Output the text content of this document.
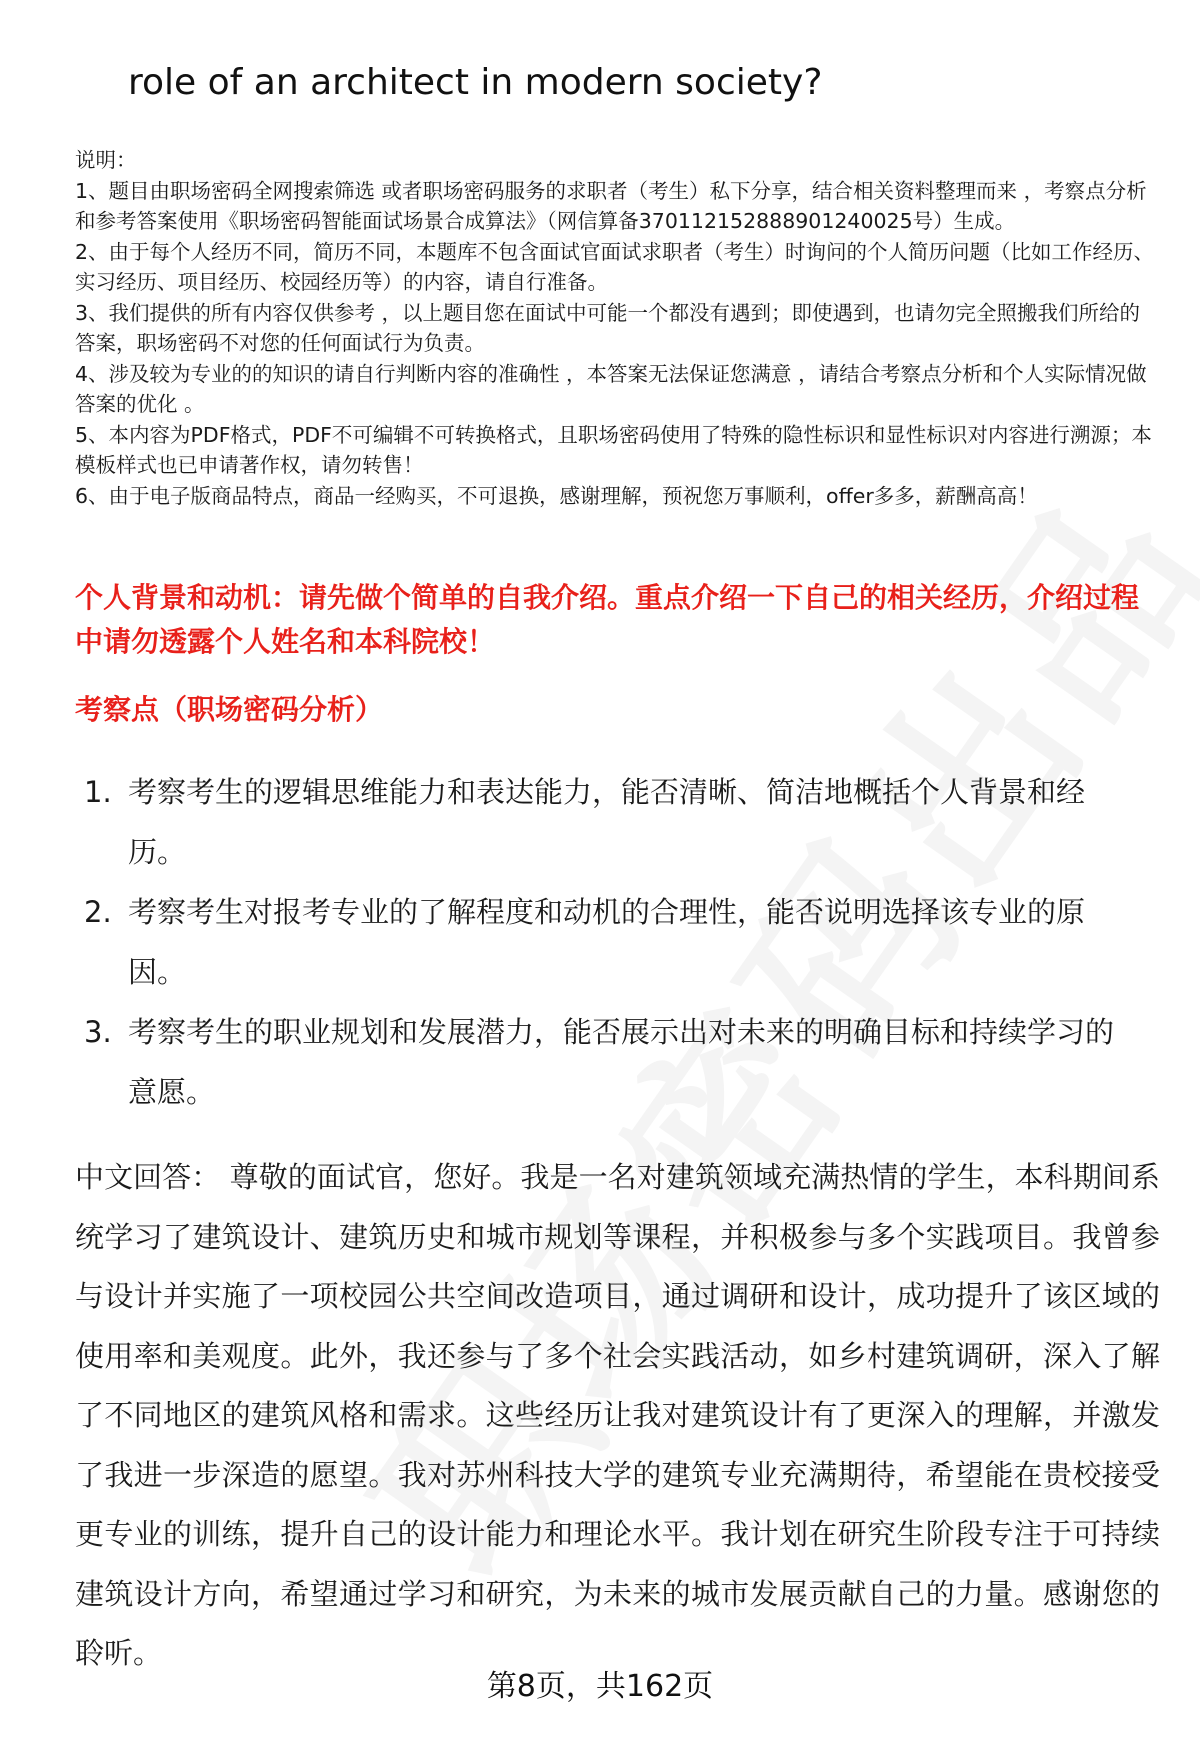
role of an architect in modern society?

说明：

1、题目由职场密码全网搜索筛选 或者职场密码服务的求职者（考生）私下分享，结合相关资料整理而来 ，考察点分析和参考答案使用《职场密码智能面试场景合成算法》（网信算备370112152888901240025号）生成。

2、由于每个人经历不同，简历不同，本题库不包含面试官面试求职者（考生）时询问的个人简历问题（比如工作经历、实习经历、项目经历、校园经历等）的内容，请自行准备。

3、我们提供的所有内容仅供参考 ，以上题目您在面试中可能一个都没有遇到；即使遇到，也请勿完全照搬我们所给的答案，职场密码不对您的任何面试行为负责。

4、涉及较为专业的的知识的请自行判断内容的准确性 ，本答案无法保证您满意 ，请结合考察点分析和个人实际情况做答案的优化 。

5、本内容为PDF格式，PDF不可编辑不可转换格式，且职场密码使用了特殊的隐性标识和显性标识对内容进行溯源；本模板样式也已申请著作权，请勿转售！

6、由于电子版商品特点，商品一经购买，不可退换，感谢理解，预祝您万事顺利，offer多多，薪酬高高！

个人背景和动机：请先做个简单的自我介绍。重点介绍一下自己的相关经历，介绍过程中请勿透露个人姓名和本科院校！
考察点（职场密码分析）
1. 考察考生的逻辑思维能力和表达能力，能否清晰、简洁地概括个人背景和经历。
2. 考察考生对报考专业的了解程度和动机的合理性，能否说明选择该专业的原因。
3. 考察考生的职业规划和发展潜力，能否展示出对未来的明确目标和持续学习的意愿。
中文回答： 尊敬的面试官，您好。我是一名对建筑领域充满热情的学生，本科期间系统学习了建筑设计、建筑历史和城市规划等课程，并积极参与多个实践项目。我曾参与设计并实施了一项校园公共空间改造项目，通过调研和设计，成功提升了该区域的使用率和美观度。此外，我还参与了多个社会实践活动，如乡村建筑调研，深入了解了不同地区的建筑风格和需求。这些经历让我对建筑设计有了更深入的理解，并激发了我进一步深造的愿望。我对苏州科技大学的建筑专业充满期待，希望能在贵校接受更专业的训练，提升自己的设计能力和理论水平。我计划在研究生阶段专注于可持续建筑设计方向，希望通过学习和研究，为未来的城市发展贡献自己的力量。感谢您的聆听。
第8页，共162页
